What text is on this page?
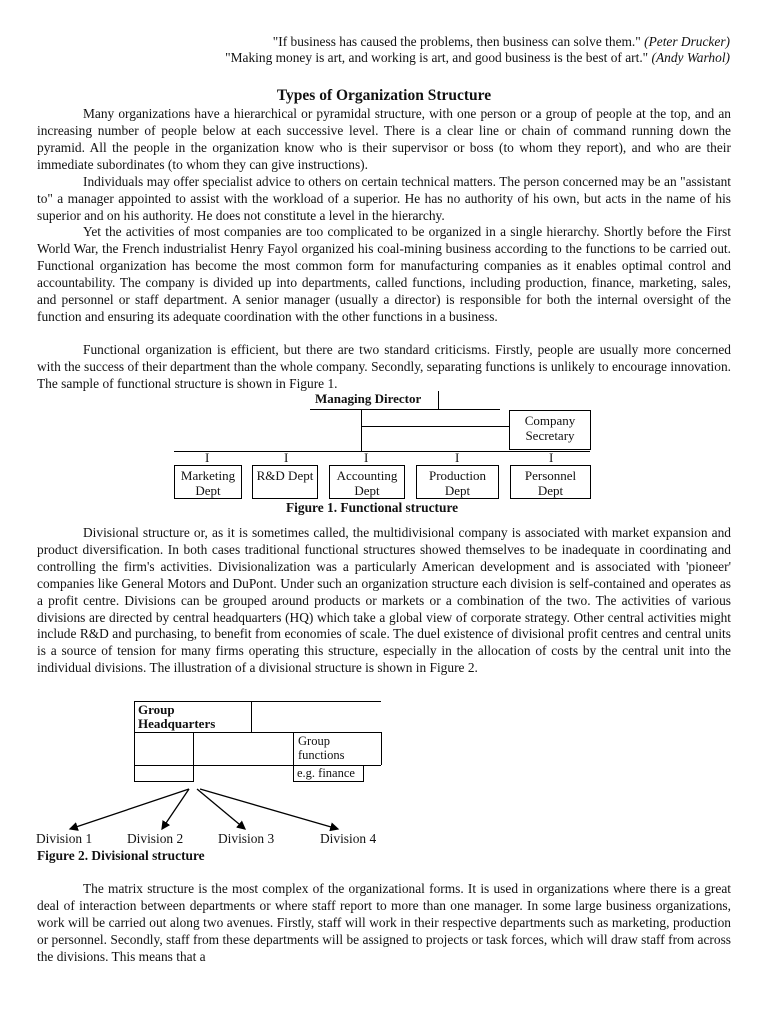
"If business has caused the problems, then business can solve them." (Peter Drucker)
"Making money is art, and working is art, and good business is the best of art." (Andy Warhol)
Types of Organization Structure

Many organizations have a hierarchical or pyramidal structure, with one person or a group of people at the top, and an increasing number of people below at each successive level. There is a clear line or chain of command running down the pyramid. All the people in the organization know who is their supervisor or boss (to whom they report), and who are their immediate subordinates (to whom they can give instructions).

Individuals may offer specialist advice to others on certain technical matters. The person concerned may be an "assistant to" a manager appointed to assist with the workload of a superior. He has no authority of his own, but acts in the name of his superior and on his authority. He does not constitute a level in the hierarchy.

Yet the activities of most companies are too complicated to be organized in a single hierarchy. Shortly before the First World War, the French industrialist Henry Fayol organized his coal-mining business according to the functions to be carried out. Functional organization has become the most common form for manufacturing companies as it enables optimal control and accountability. The company is divided up into departments, called functions, including production, finance, marketing, sales, and personnel or staff department. A senior manager (usually a director) is responsible for both the internal oversight of the function and ensuring its adequate coordination with the other functions in a business.

Functional organization is efficient, but there are two standard criticisms. Firstly, people are usually more concerned with the success of their department than the whole company. Secondly, separating functions is unlikely to encourage innovation. The sample of functional structure is shown in Figure 1.

Managing Director
Company Secretary
I	I	I	I	I
Marketing Dept
R&D Dept	Accounting Dept
Production Dept
Personnel Dept
Figure 1. Functional structure

Divisional structure or, as it is sometimes called, the multidivisional company is associated with market expansion and product diversification. In both cases traditional functional structures showed themselves to be inadequate in coordinating and controlling the firm's activities. Divisionalization was a particularly American development and is associated with 'pioneer' companies like General Motors and DuPont. Under such an organization structure each division is self-contained and operates as a profit centre. Divisions can be grouped around products or markets or a combination of the two. The activities of various divisions are directed by central headquarters (HQ) which take a global view of corporate strategy. Other central activities might include R&D and purchasing, to benefit from economies of scale. The duel existence of divisional profit centres and central units is a source of tension for many firms operating this structure, especially in the allocation of costs by the central unit into the individual divisions. The illustration of a divisional structure is shown in Figure 2.

Group Headquarters
Group functions
e.g. finance
Division 1	Division 2	Division 3	Division 4
Figure 2. Divisional structure

The matrix structure is the most complex of the organizational forms. It is used in organizations where there is a great deal of interaction between departments or where staff report to more than one manager. In some large business organizations, work will be carried out along two avenues. Firstly, staff will work in their respective departments such as marketing, production or personnel. Secondly, staff from these departments will be assigned to projects or task forces, which will draw staff from across the divisions. This means that a
